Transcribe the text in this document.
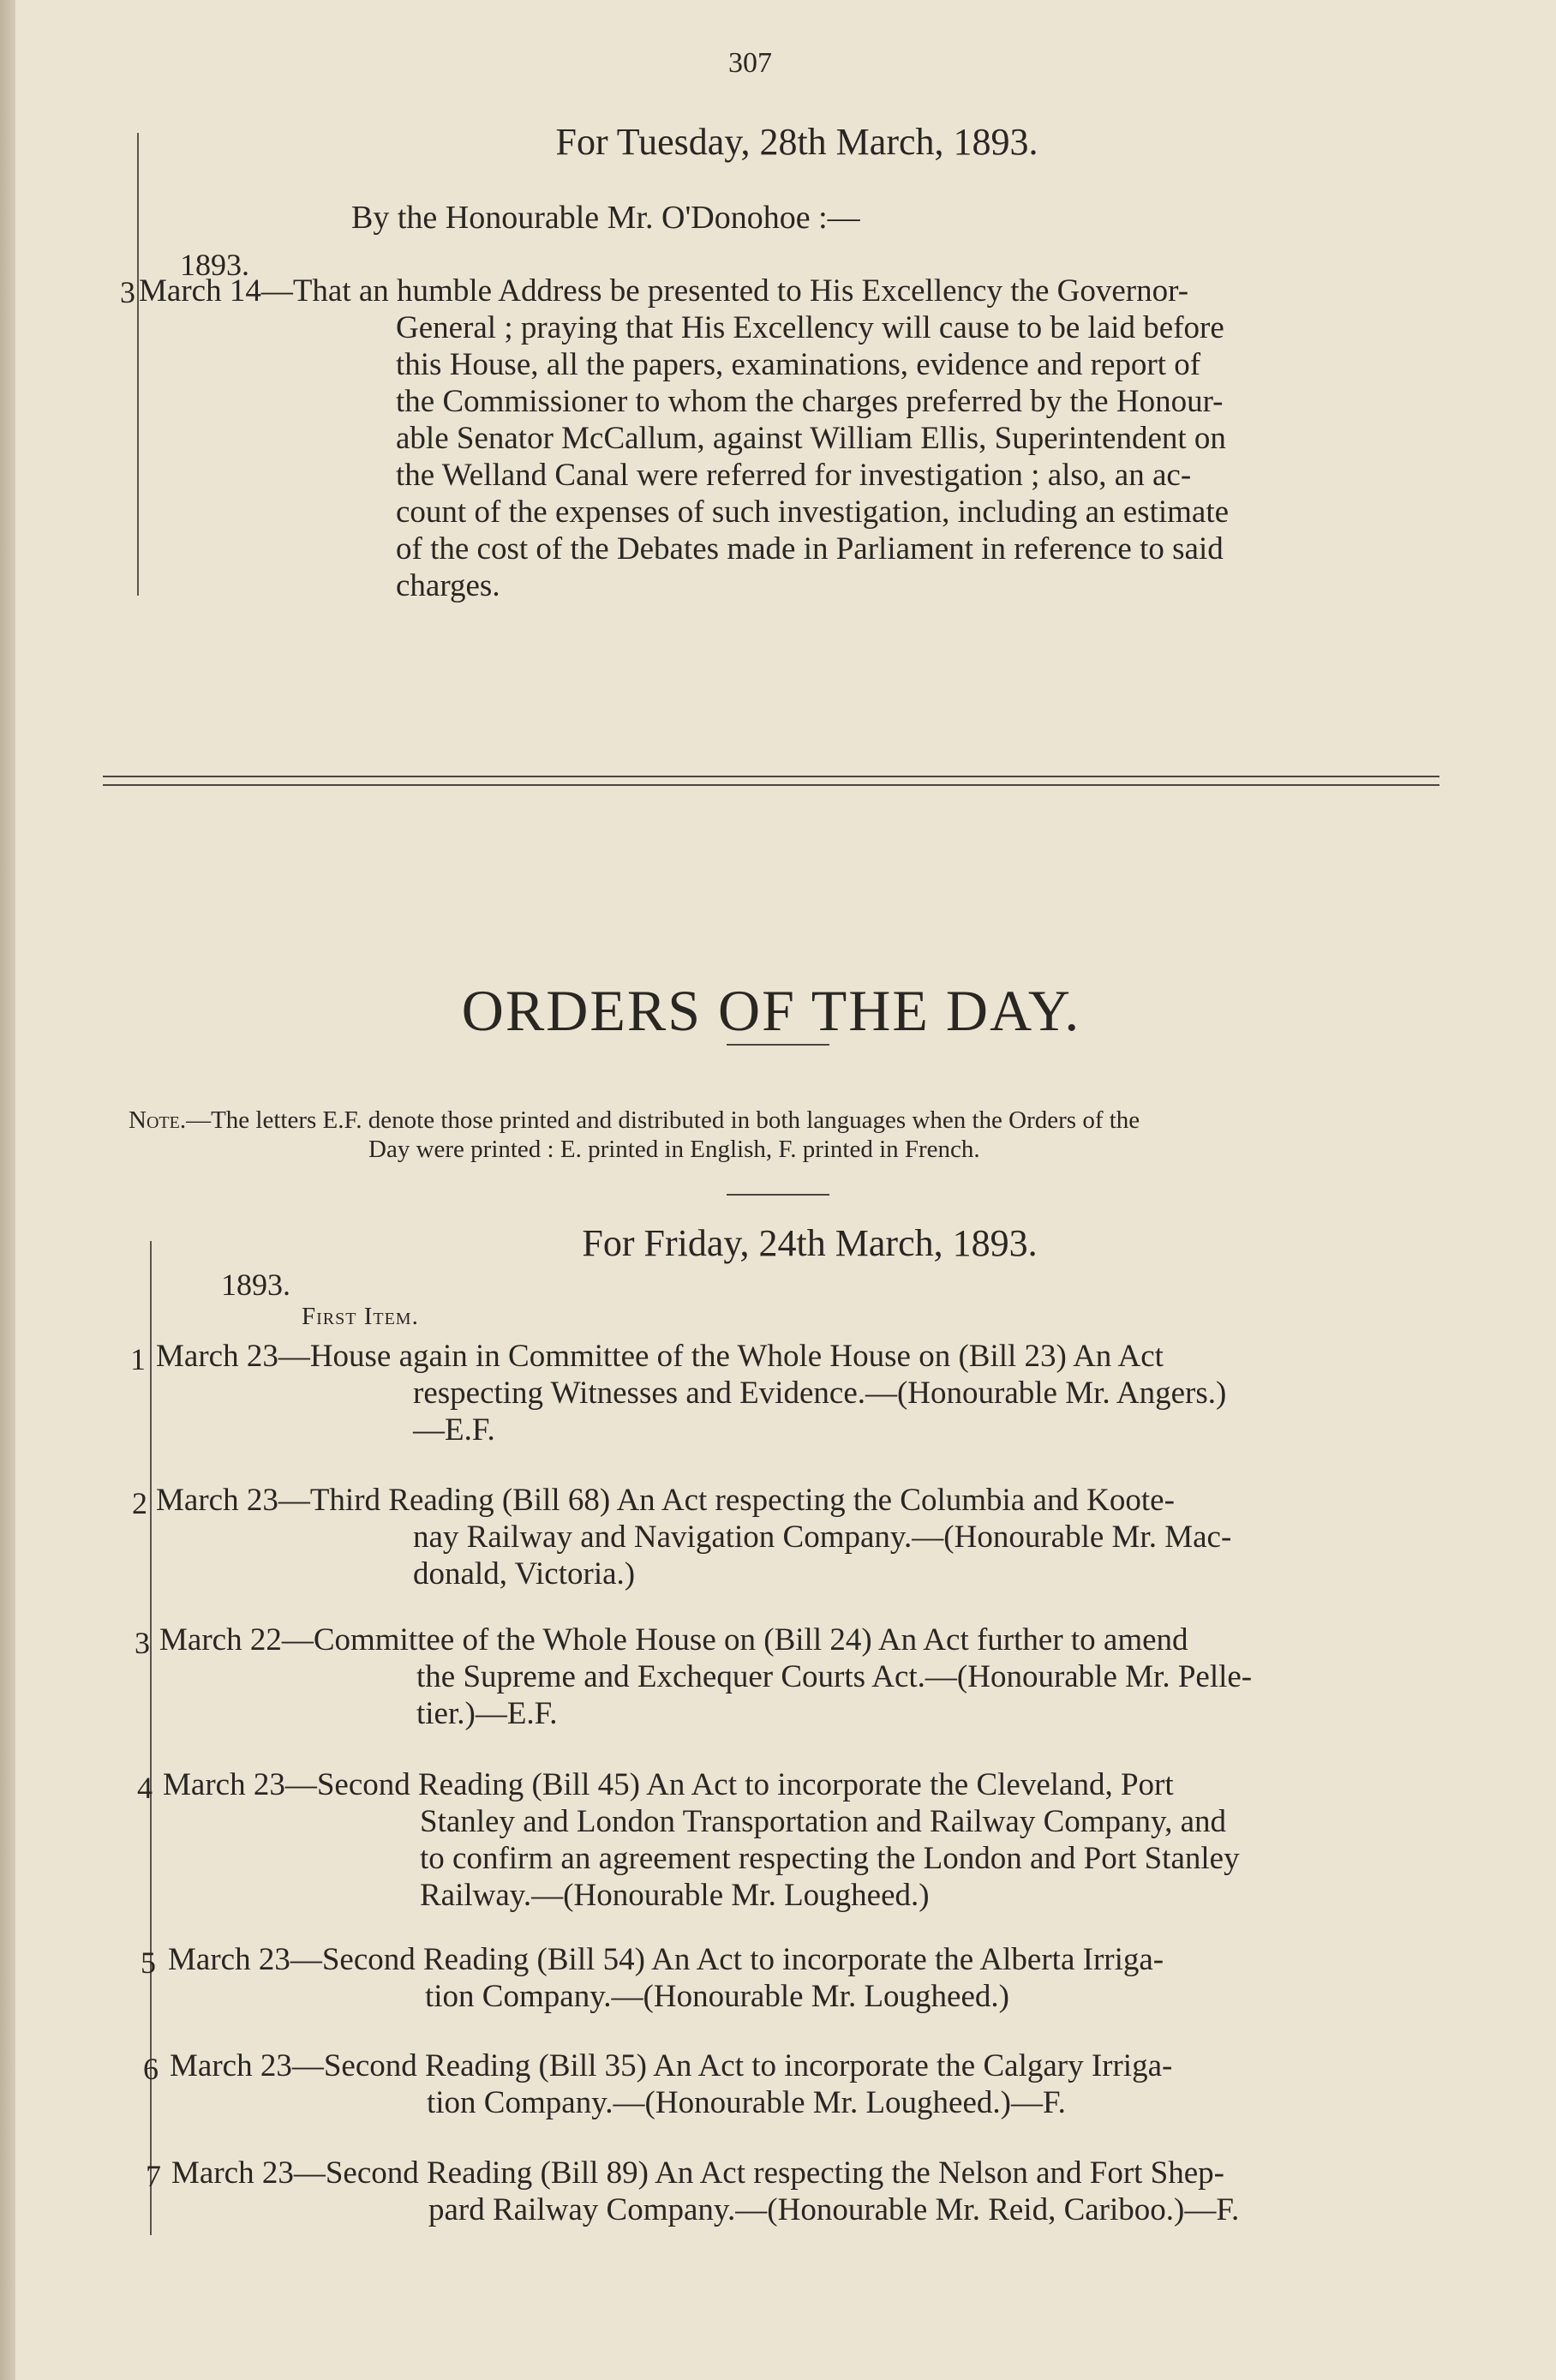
307
For Tuesday, 28th March, 1893.
By the Honourable Mr. O'Donohoe :—
1893.
3 March 14—That an humble Address be presented to His Excellency the Governor-
General ; praying that His Excellency will cause to be laid before
this House, all the papers, examinations, evidence and report of
the Commissioner to whom the charges preferred by the Honour-
able Senator McCallum, against William Ellis, Superintendent on
the Welland Canal were referred for investigation ; also, an ac-
count of the expenses of such investigation, including an estimate
of the cost of the Debates made in Parliament in reference to said
charges.
ORDERS OF THE DAY.
Note.—The letters E.F. denote those printed and distributed in both languages when the Orders of the
Day were printed : E. printed in English, F. printed in French.
For Friday, 24th March, 1893.
1893.
First Item.
1 March 23—House again in Committee of the Whole House on (Bill 23) An Act
respecting Witnesses and Evidence.—(Honourable Mr. Angers.)
—E.F.
2 March 23—Third Reading (Bill 68) An Act respecting the Columbia and Koote-
nay Railway and Navigation Company.—(Honourable Mr. Mac-
donald, Victoria.)
3 March 22—Committee of the Whole House on (Bill 24) An Act further to amend
the Supreme and Exchequer Courts Act.—(Honourable Mr. Pelle-
tier.)—E.F.
4 March 23—Second Reading (Bill 45) An Act to incorporate the Cleveland, Port
Stanley and London Transportation and Railway Company, and
to confirm an agreement respecting the London and Port Stanley
Railway.—(Honourable Mr. Lougheed.)
5 March 23—Second Reading (Bill 54) An Act to incorporate the Alberta Irriga-
tion Company.—(Honourable Mr. Lougheed.)
6 March 23—Second Reading (Bill 35) An Act to incorporate the Calgary Irriga-
tion Company.—(Honourable Mr. Lougheed.)—F.
7 March 23—Second Reading (Bill 89) An Act respecting the Nelson and Fort Shep-
pard Railway Company.—(Honourable Mr. Reid, Cariboo.)—F.
